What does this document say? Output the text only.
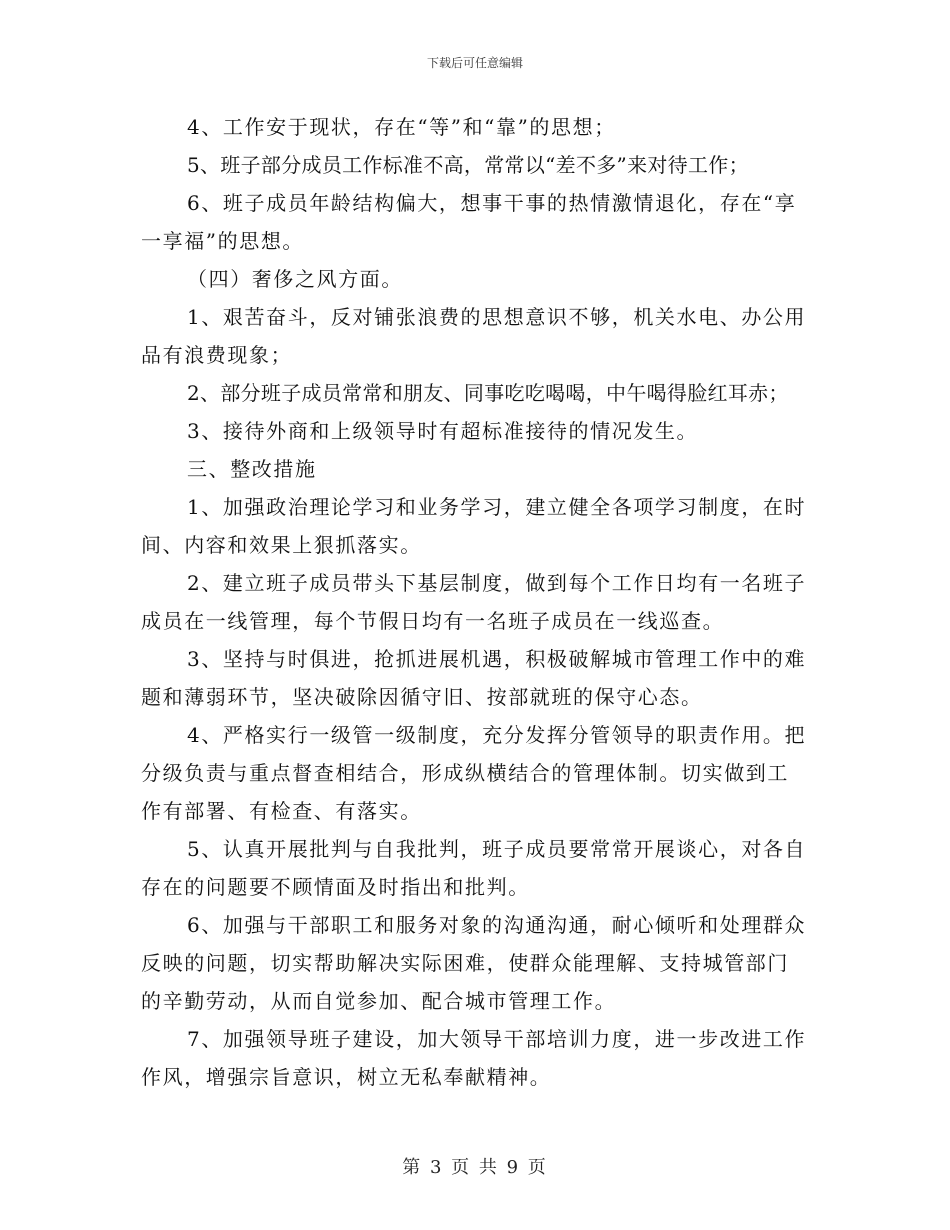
下载后可任意编辑
4、工作安于现状，存在“等”和“靠”的思想；
5、班子部分成员工作标准不高，常常以“差不多”来对待工作；
6、班子成员年龄结构偏大，想事干事的热情激情退化，存在“享
一享福”的思想。
（四）奢侈之风方面。
1、艰苦奋斗，反对铺张浪费的思想意识不够，机关水电、办公用
品有浪费现象；
2、部分班子成员常常和朋友、同事吃吃喝喝，中午喝得脸红耳赤；
3、接待外商和上级领导时有超标准接待的情况发生。
三、整改措施
1、加强政治理论学习和业务学习，建立健全各项学习制度，在时
间、内容和效果上狠抓落实。
2、建立班子成员带头下基层制度，做到每个工作日均有一名班子
成员在一线管理，每个节假日均有一名班子成员在一线巡查。
3、坚持与时俱进，抢抓进展机遇，积极破解城市管理工作中的难
题和薄弱环节，坚决破除因循守旧、按部就班的保守心态。
4、严格实行一级管一级制度，充分发挥分管领导的职责作用。把
分级负责与重点督查相结合，形成纵横结合的管理体制。切实做到工
作有部署、有检查、有落实。
5、认真开展批判与自我批判，班子成员要常常开展谈心，对各自
存在的问题要不顾情面及时指出和批判。
6、加强与干部职工和服务对象的沟通沟通，耐心倾听和处理群众
反映的问题，切实帮助解决实际困难，使群众能理解、支持城管部门
的辛勤劳动，从而自觉参加、配合城市管理工作。
7、加强领导班子建设，加大领导干部培训力度，进一步改进工作
作风，增强宗旨意识，树立无私奉献精神。
第 3 页 共 9 页
